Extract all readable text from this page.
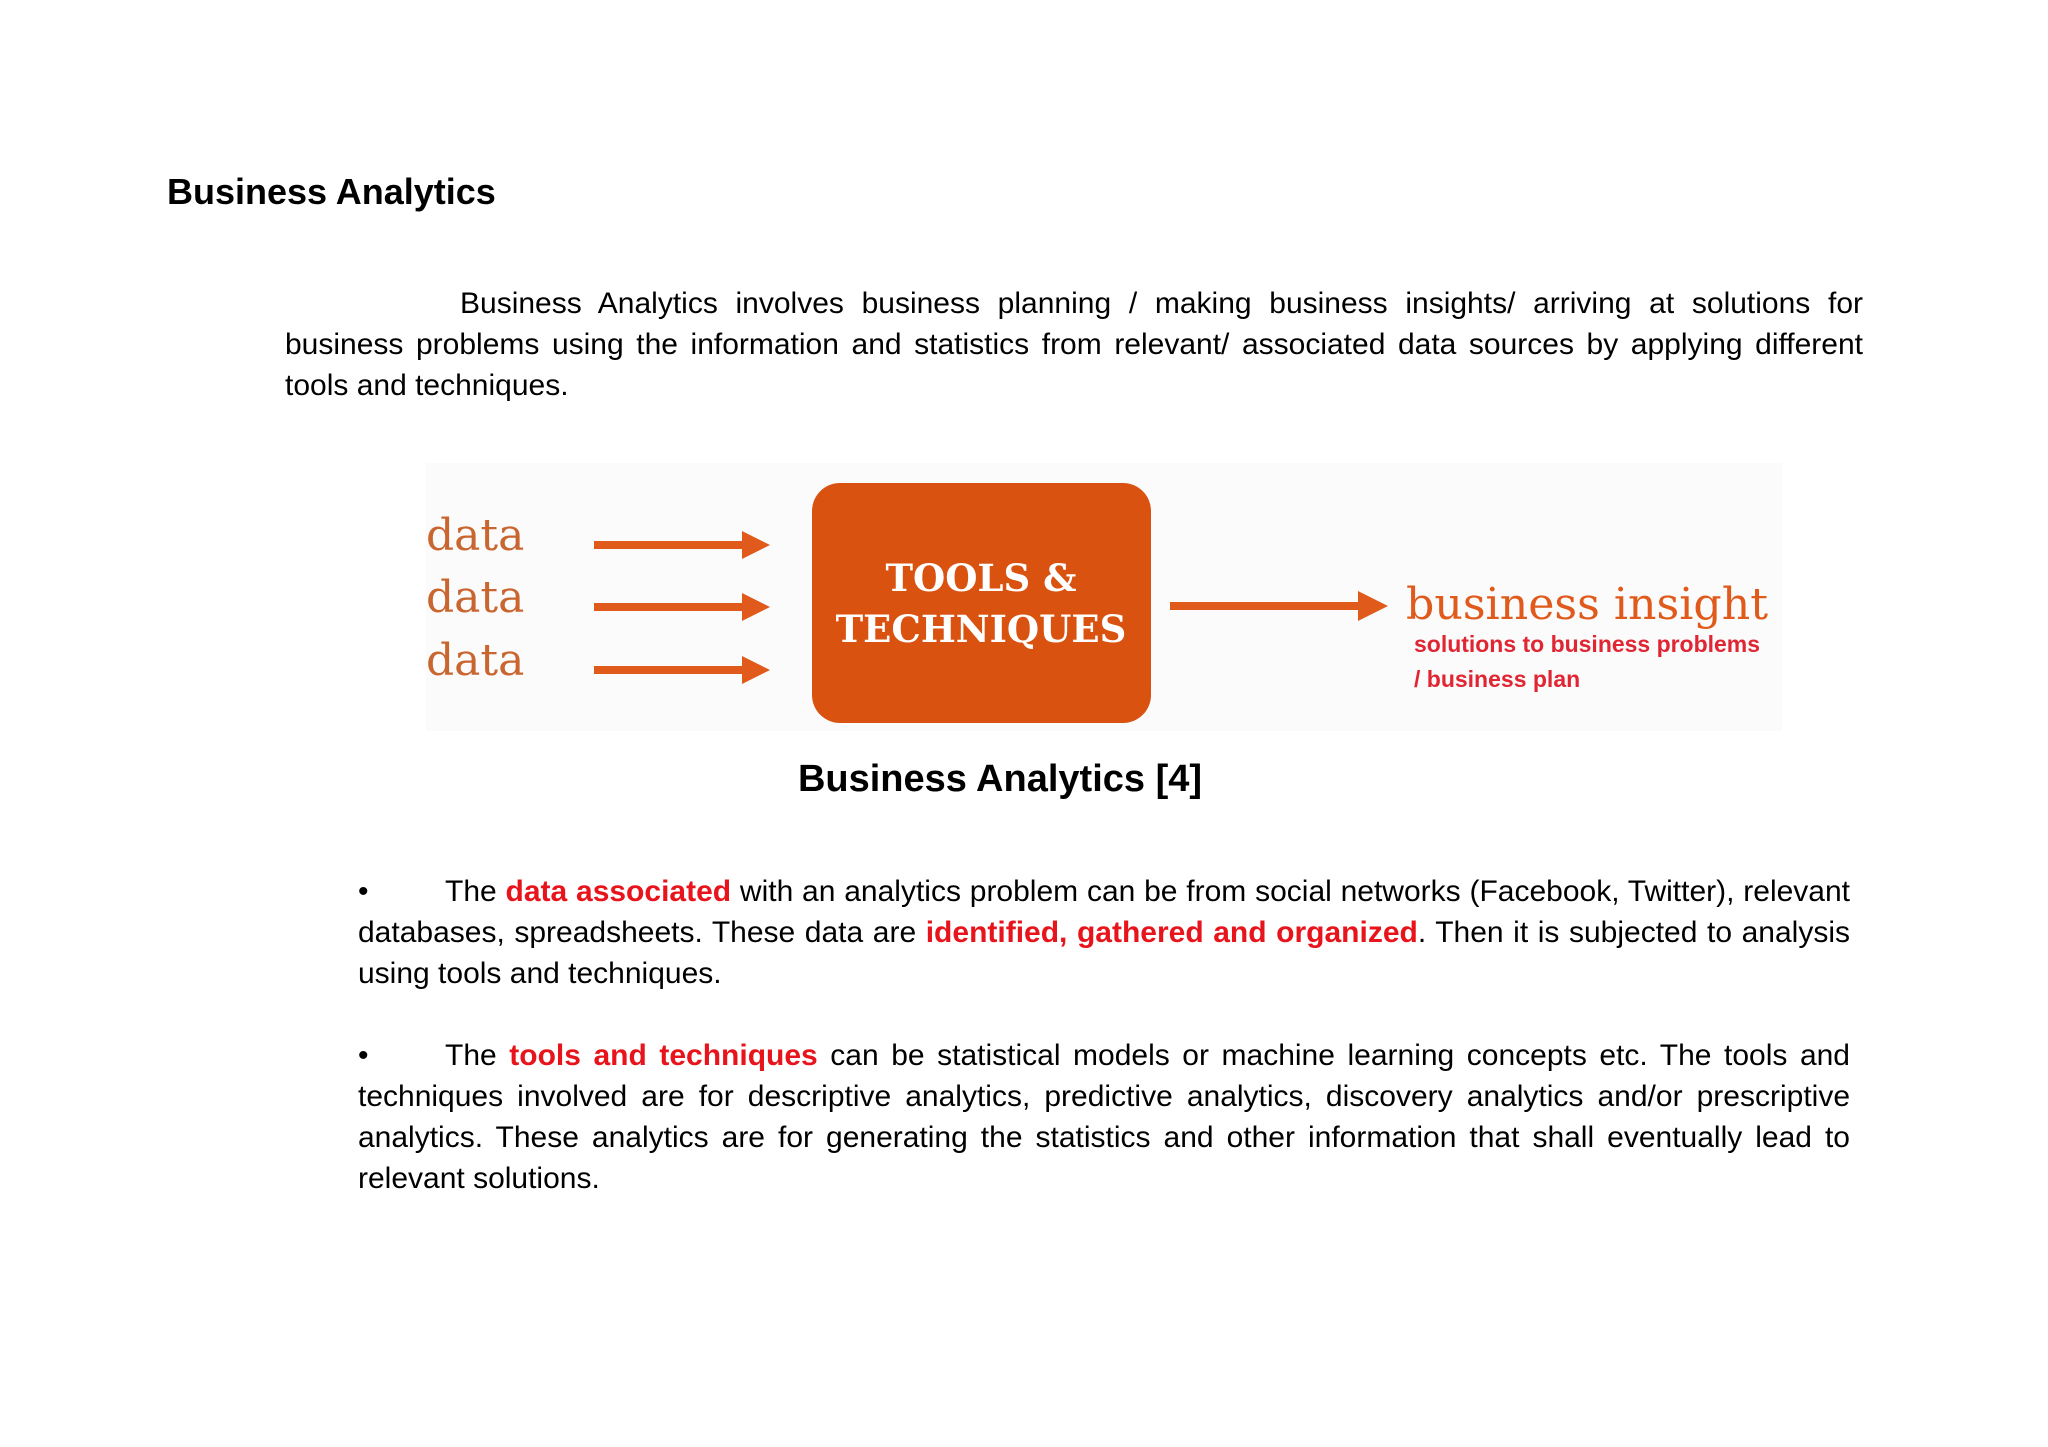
Business Analytics

Business Analytics involves business planning / making business insights/ arriving at solutions for business problems using the information and statistics from relevant/ associated data sources by applying different tools and techniques.

data
data
data
TOOLS &
TECHNIQUES	business insight
solutions to business problems
/ business plan

Business Analytics [4]

•	The data associated with an analytics problem can be from social networks (Facebook, Twitter), relevant databases, spreadsheets. These data are identified, gathered and organized. Then it is subjected to analysis using tools and techniques.
•	The tools and techniques can be statistical models or machine learning concepts etc. The tools and techniques involved are for descriptive analytics, predictive analytics, discovery analytics and/or prescriptive analytics. These analytics are for generating the statistics and other information that shall eventually lead to relevant solutions.
